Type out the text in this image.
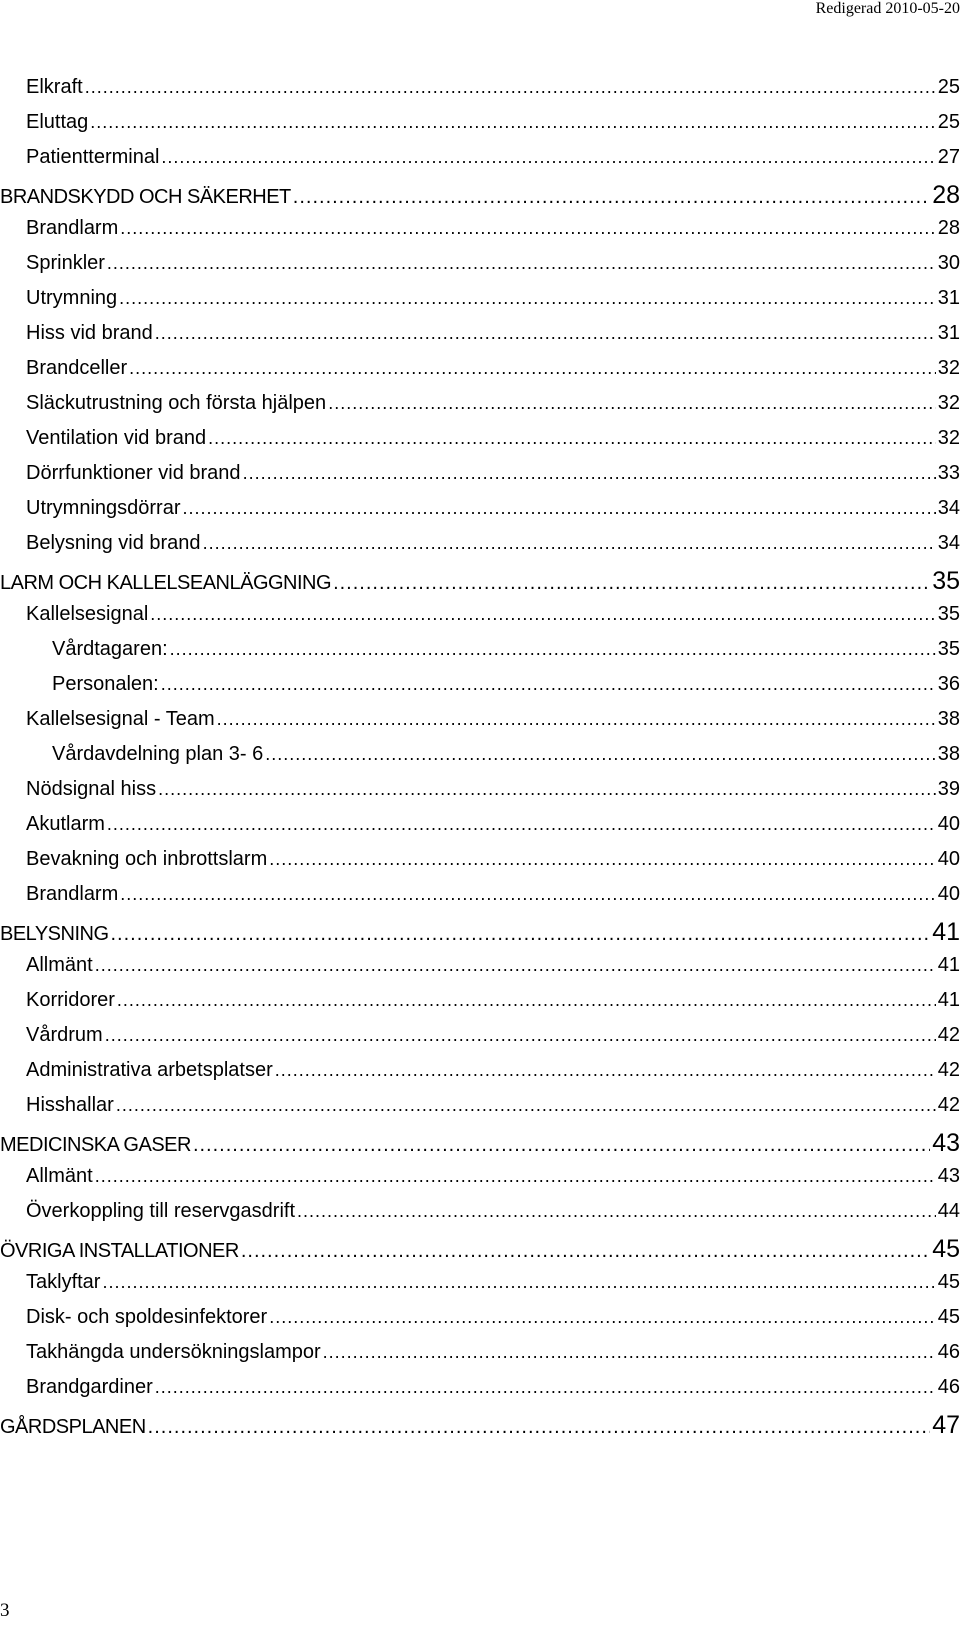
Redigerad 2010-05-20
Elkraft .....	25
Eluttag .....	25
Patientterminal .....	27
BRANDSKYDD OCH SÄKERHET .....	28
Brandlarm .....	28
Sprinkler .....	30
Utrymning .....	31
Hiss vid brand .....	31
Brandceller .....	32
Släckutrustning och första hjälpen .....	32
Ventilation vid brand .....	32
Dörrfunktioner vid brand .....	33
Utrymningsdörrar .....	34
Belysning vid brand .....	34
LARM OCH KALLELSEANLÄGGNING .....	35
Kallelsesignal .....	35
Vårdtagaren: .....	35
Personalen: .....	36
Kallelsesignal - Team .....	38
Vårdavdelning plan 3- 6 .....	38
Nödsignal hiss .....	39
Akutlarm .....	40
Bevakning och inbrottslarm .....	40
Brandlarm .....	40
BELYSNING .....	41
Allmänt .....	41
Korridorer .....	41
Vårdrum .....	42
Administrativa arbetsplatser .....	42
Hisshallar .....	42
MEDICINSKA GASER .....	43
Allmänt .....	43
Överkoppling till reservgasdrift .....	44
ÖVRIGA INSTALLATIONER .....	45
Taklyftar .....	45
Disk- och spoldesinfektorer .....	45
Takhängda undersökningslampor .....	46
Brandgardiner .....	46
GÅRDSPLANEN .....	47
3
